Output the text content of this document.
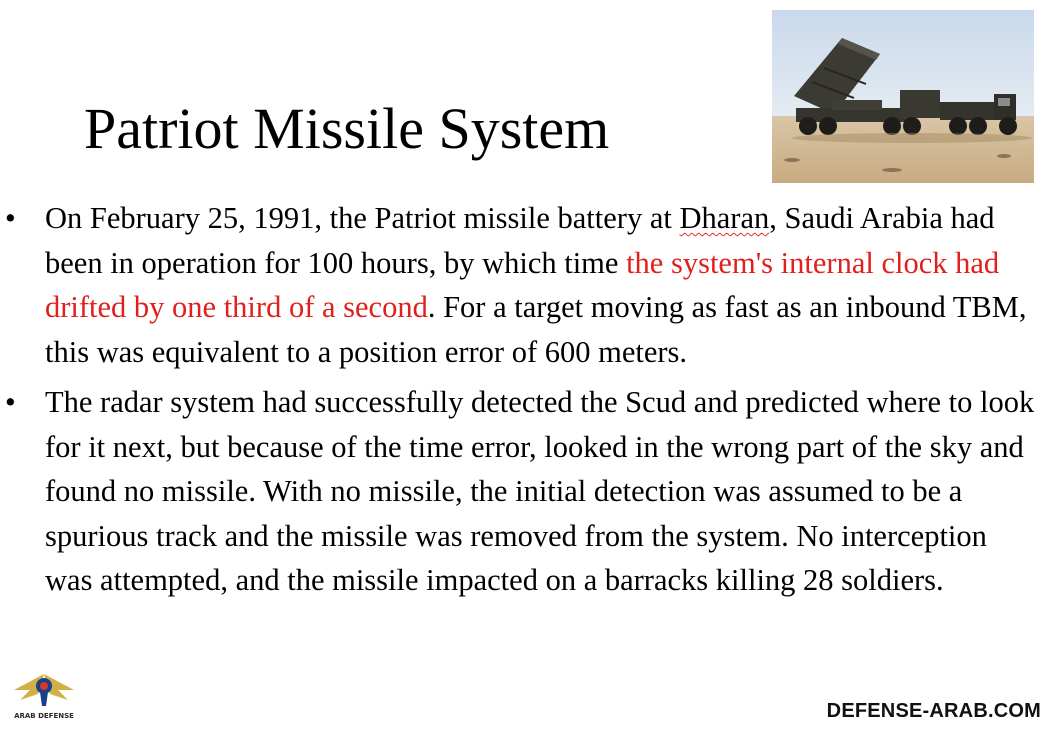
Patriot Missile System
• On February 25, 1991, the Patriot missile battery at Dharan, Saudi Arabia had been in operation for 100 hours, by which time the system's internal clock had drifted by one third of a second. For a target moving as fast as an inbound TBM, this was equivalent to a position error of 600 meters.
• The radar system had successfully detected the Scud and predicted where to look for it next, but because of the time error, looked in the wrong part of the sky and found no missile. With no missile, the initial detection was assumed to be a spurious track and the missile was removed from the system. No interception was attempted, and the missile impacted on a barracks killing 28 soldiers.
ARAB DEFENSE	DEFENSE-ARAB.COM
